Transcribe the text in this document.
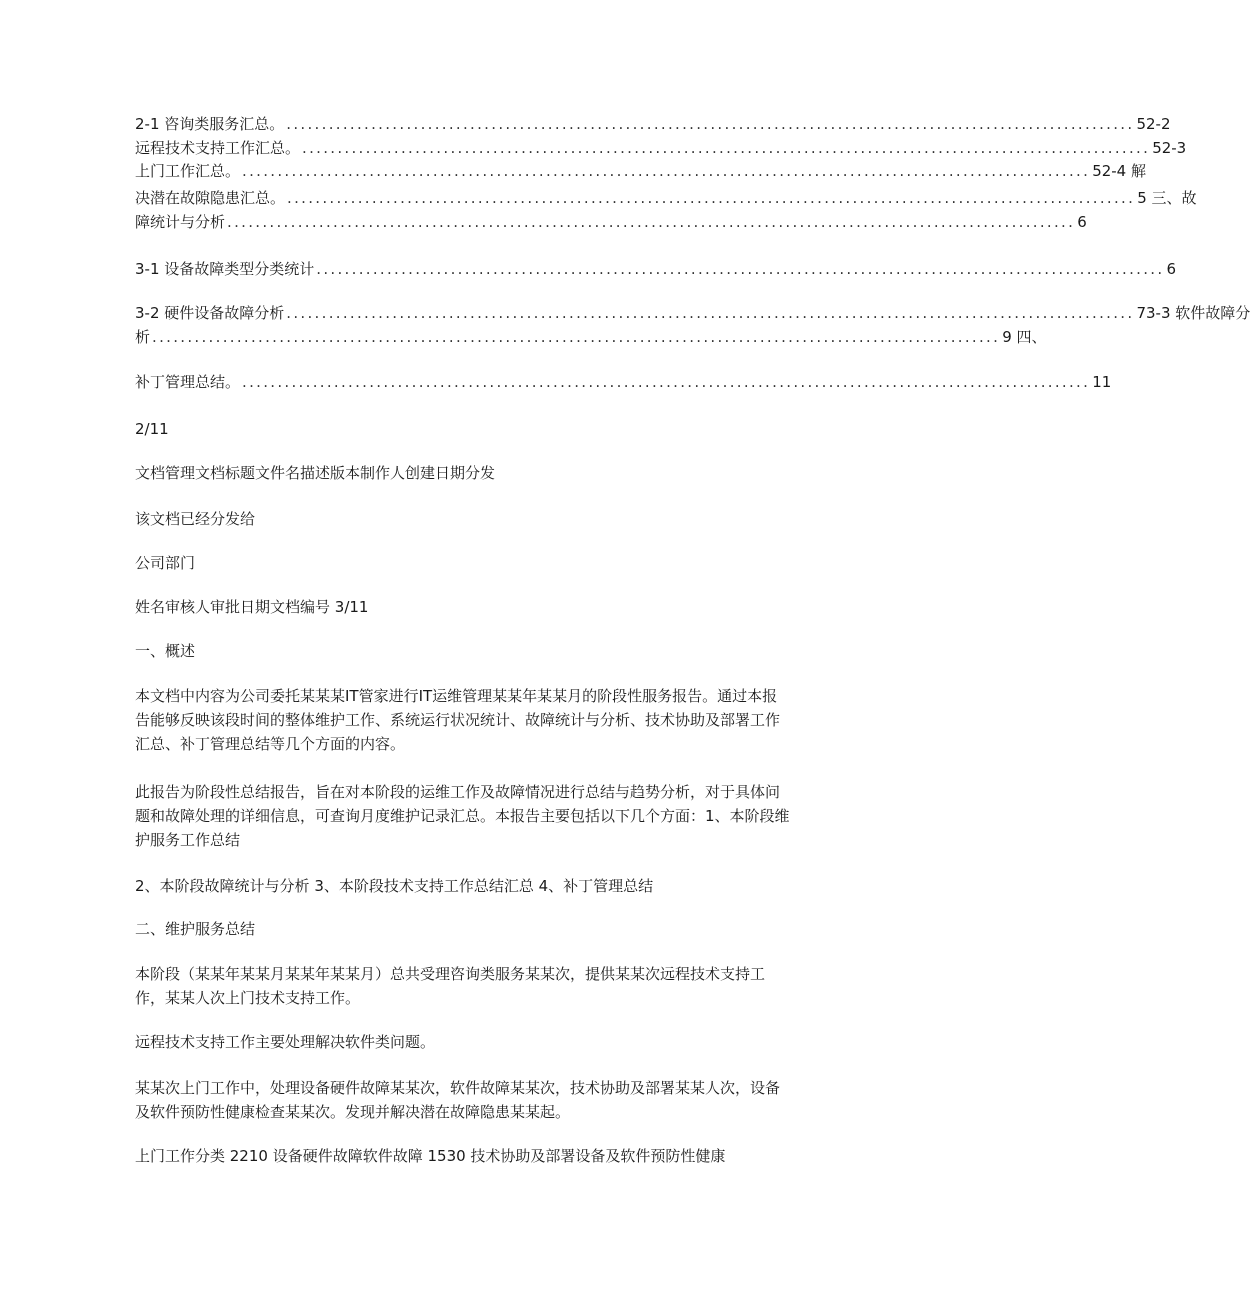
2-1 咨询类服务汇总。 ........................................................................................................................ 52-2
远程技术支持工作汇总。 ........................................................................................................................ 52-3
上门工作汇总。 ........................................................................................................................ 52-4 解
决潜在故隙隐患汇总。 ........................................................................................................................ 5 三、故
障统计与分析 ........................................................................................................................ 6
3-1 设备故障类型分类统计 ........................................................................................................................ 6
3-2 硬件设备故障分析 ........................................................................................................................ 73-3 软件故障分
析 ........................................................................................................................ 9 四、
补丁管理总结。 ........................................................................................................................ 11
2/11
文档管理文档标题文件名描述版本制作人创建日期分发
该文档已经分发给
公司部门
姓名审核人审批日期文档编号 3/11
一、概述
本文档中内容为公司委托某某某IT管家进行IT运维管理某某年某某月的阶段性服务报告。通过本报告能够反映该段时间的整体维护工作、系统运行状况统计、故障统计与分析、技术协助及部署工作汇总、补丁管理总结等几个方面的内容。
此报告为阶段性总结报告，旨在对本阶段的运维工作及故障情况进行总结与趋势分析，对于具体问题和故障处理的详细信息，可查询月度维护记录汇总。本报告主要包括以下几个方面：1、本阶段维护服务工作总结
2、本阶段故障统计与分析 3、本阶段技术支持工作总结汇总 4、补丁管理总结
二、维护服务总结
本阶段（某某年某某月某某年某某月）总共受理咨询类服务某某次，提供某某次远程技术支持工作，某某人次上门技术支持工作。
远程技术支持工作主要处理解决软件类问题。
某某次上门工作中，处理设备硬件故障某某次，软件故障某某次，技术协助及部署某某人次，设备及软件预防性健康检查某某次。发现并解决潜在故障隐患某某起。
上门工作分类 2210 设备硬件故障软件故障 1530 技术协助及部署设备及软件预防性健康
